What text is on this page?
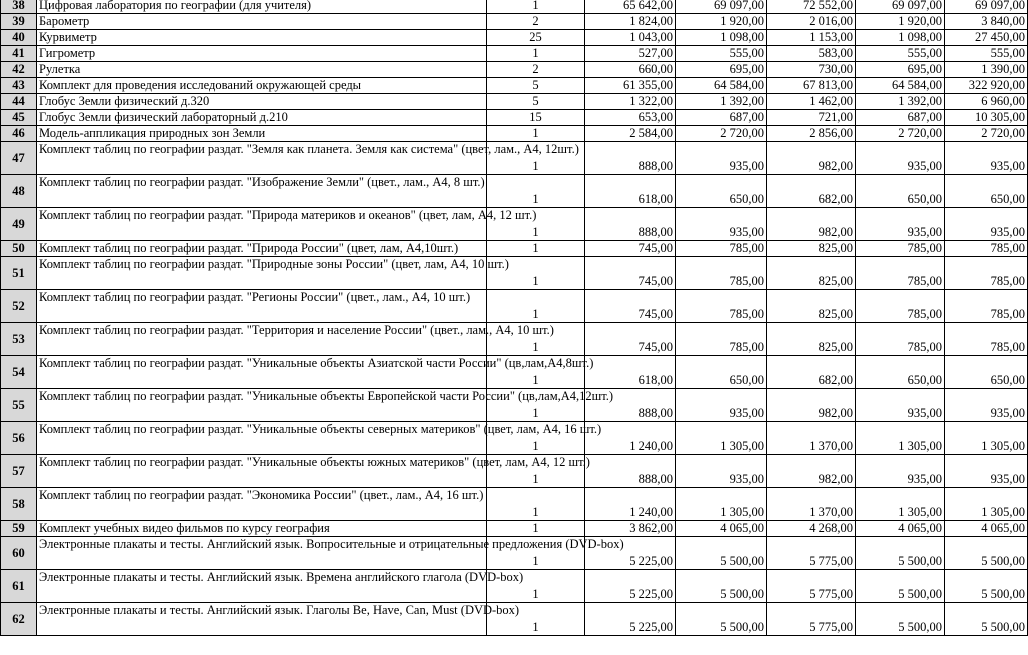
38	Цифровая лаборатория по географии (для учителя)	1	65 642,00	69 097,00	72 552,00	69 097,00	69 097,00
39	Барометр	2	1 824,00	1 920,00	2 016,00	1 920,00	3 840,00
40	Курвиметр	25	1 043,00	1 098,00	1 153,00	1 098,00	27 450,00
41	Гигрометр	1	527,00	555,00	583,00	555,00	555,00
42	Рулетка	2	660,00	695,00	730,00	695,00	1 390,00
43	Комплект для проведения исследований окружающей среды	5	61 355,00	64 584,00	67 813,00	64 584,00	322 920,00
44	Глобус Земли физический д.320	5	1 322,00	1 392,00	1 462,00	1 392,00	6 960,00
45	Глобус Земли физический лабораторный д.210	15	653,00	687,00	721,00	687,00	10 305,00
46	Модель-аппликация природных зон Земли	1	2 584,00	2 720,00	2 856,00	2 720,00	2 720,00
47	Комплект таблиц по географии раздат. "Земля как планета. Земля как система" (цвет, лам., А4, 12шт.)	1	888,00	935,00	982,00	935,00	935,00
48	Комплект таблиц по географии раздат. "Изображение Земли" (цвет., лам., А4, 8 шт.)	1	618,00	650,00	682,00	650,00	650,00
49	Комплект таблиц по географии раздат. "Природа материков и океанов" (цвет, лам, А4, 12 шт.)	1	888,00	935,00	982,00	935,00	935,00
50	Комплект таблиц по географии раздат. "Природа России" (цвет, лам, А4,10шт.)	1	745,00	785,00	825,00	785,00	785,00
51	Комплект таблиц по географии раздат. "Природные зоны России" (цвет, лам, А4, 10 шт.)	1	745,00	785,00	825,00	785,00	785,00
52	Комплект таблиц по географии раздат. "Регионы России" (цвет., лам., А4, 10 шт.)	1	745,00	785,00	825,00	785,00	785,00
53	Комплект таблиц по географии раздат. "Территория и население России" (цвет., лам., А4, 10 шт.)	1	745,00	785,00	825,00	785,00	785,00
54	Комплект таблиц по географии раздат. "Уникальные объекты Азиатской части России" (цв,лам,А4,8шт.)	1	618,00	650,00	682,00	650,00	650,00
55	Комплект таблиц по географии раздат. "Уникальные объекты Европейской части России" (цв,лам,А4,12шт.)	1	888,00	935,00	982,00	935,00	935,00
56	Комплект таблиц по географии раздат. "Уникальные объекты северных материков" (цвет, лам, А4, 16 шт.)	1	1 240,00	1 305,00	1 370,00	1 305,00	1 305,00
57	Комплект таблиц по географии раздат. "Уникальные объекты южных материков" (цвет, лам, А4, 12 шт.)	1	888,00	935,00	982,00	935,00	935,00
58	Комплект таблиц по географии раздат. "Экономика России" (цвет., лам., А4, 16 шт.)	1	1 240,00	1 305,00	1 370,00	1 305,00	1 305,00
59	Комплект учебных видео фильмов по курсу география	1	3 862,00	4 065,00	4 268,00	4 065,00	4 065,00
60	Электронные плакаты и тесты. Английский язык. Вопросительные и отрицательные предложения (DVD-box)	1	5 225,00	5 500,00	5 775,00	5 500,00	5 500,00
61	Электронные плакаты и тесты. Английский язык. Времена английского глагола (DVD-box)	1	5 225,00	5 500,00	5 775,00	5 500,00	5 500,00
62	Электронные плакаты и тесты. Английский язык. Глаголы Be, Have, Can, Must (DVD-box)	1	5 225,00	5 500,00	5 775,00	5 500,00	5 500,00
